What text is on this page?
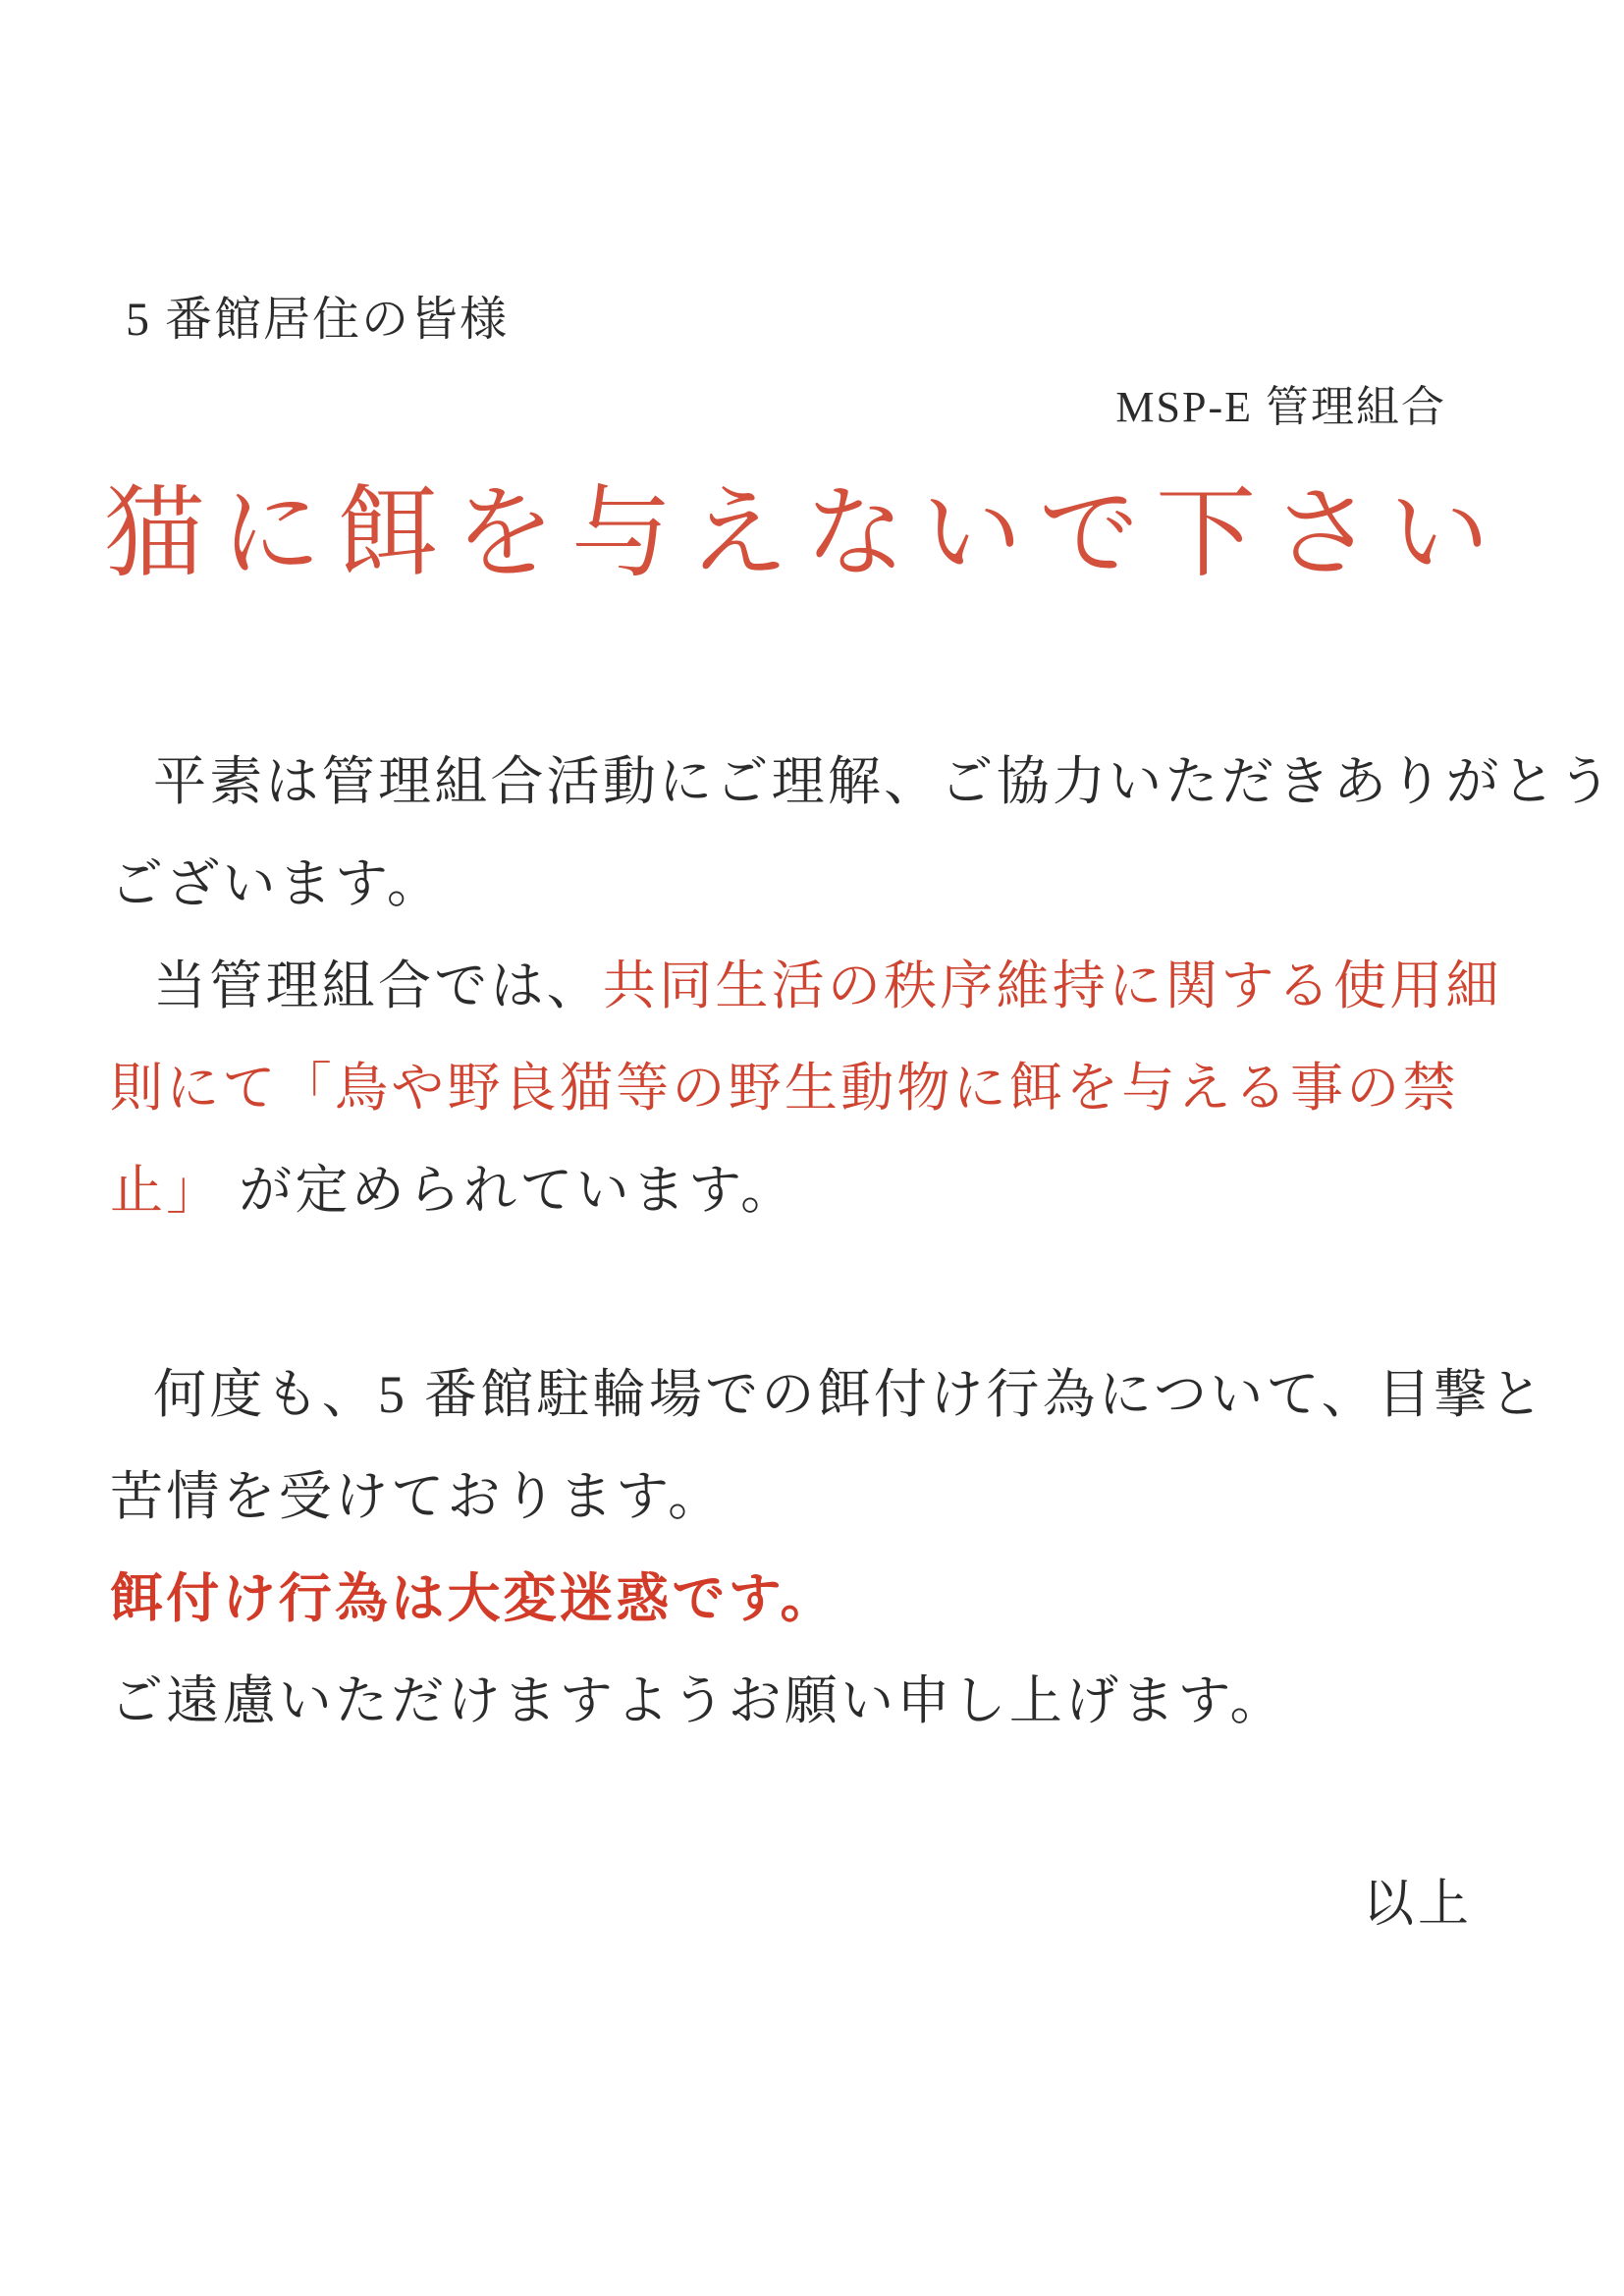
5 番館居住の皆様
MSP-E 管理組合
猫に餌を与えないで下さい

平素は管理組合活動にご理解、ご協力いただきありがとう

ございます。

当管理組合では、共同生活の秩序維持に関する使用細

則にて「鳥や野良猫等の野生動物に餌を与える事の禁

止」 が定められています。

何度も、5 番館駐輪場での餌付け行為について、目撃と

苦情を受けております。

餌付け行為は大変迷惑です。

ご遠慮いただけますようお願い申し上げます。

以上
